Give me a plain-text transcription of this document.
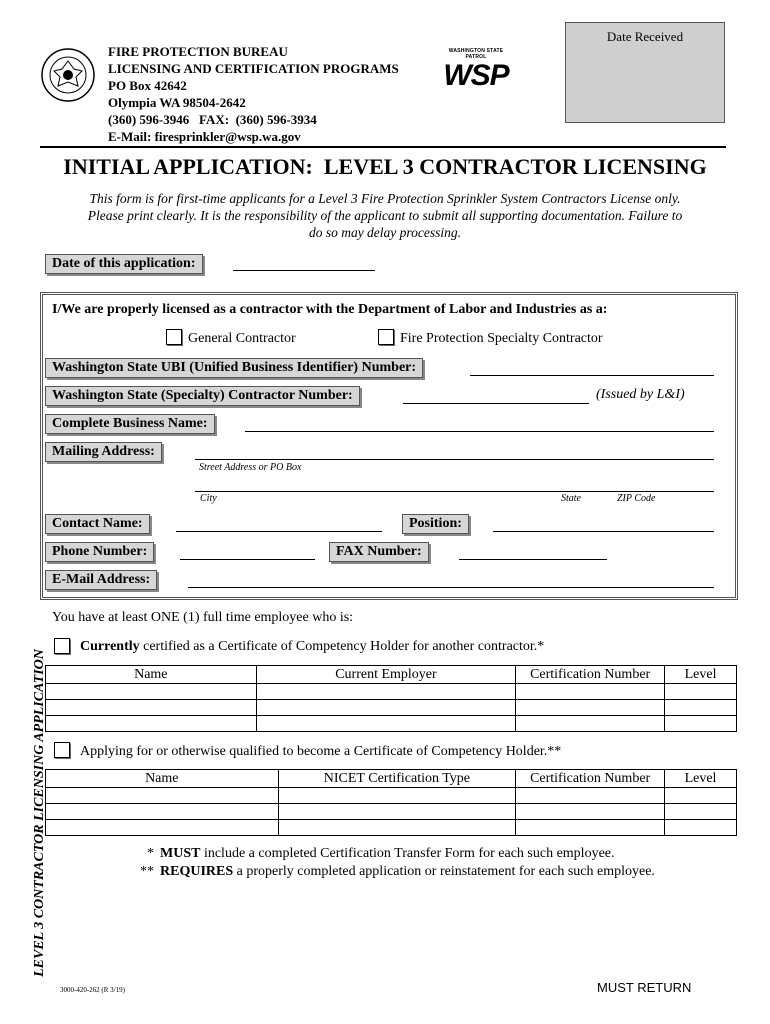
FIRE PROTECTION BUREAU
LICENSING AND CERTIFICATION PROGRAMS
PO Box 42642
Olympia WA 98504-2642
(360) 596-3946   FAX:  (360) 596-3934
E-Mail: firesprinkler@wsp.wa.gov
WASHINGTON STATE PATROL
WSP
Date Received
INITIAL APPLICATION:  LEVEL 3 CONTRACTOR LICENSING
This form is for first-time applicants for a Level 3 Fire Protection Sprinkler System Contractors License only.
Please print clearly. It is the responsibility of the applicant to submit all supporting documentation. Failure to
do so may delay processing.
Date of this application:
I/We are properly licensed as a contractor with the Department of Labor and Industries as a:
General Contractor	Fire Protection Specialty Contractor
Washington State UBI (Unified Business Identifier) Number:
Washington State (Specialty) Contractor Number:	(Issued by L&I)
Complete Business Name:
Mailing Address:
Street Address or PO Box
City	State	ZIP Code
Contact Name:	Position:
Phone Number:	FAX Number:
E-Mail Address:
You have at least ONE (1) full time employee who is:
Currently certified as a Certificate of Competency Holder for another contractor.*
Name	Current Employer	Certification Number	Level

Applying for or otherwise qualified to become a Certificate of Competency Holder.**
Name	NICET Certification Type	Certification Number	Level

* MUST include a completed Certification Transfer Form for each such employee.
** REQUIRES a properly completed application or reinstatement for each such employee.
LEVEL 3 CONTRACTOR LICENSING APPLICATION
3000-420-262 (R 3/19)	MUST RETURN
